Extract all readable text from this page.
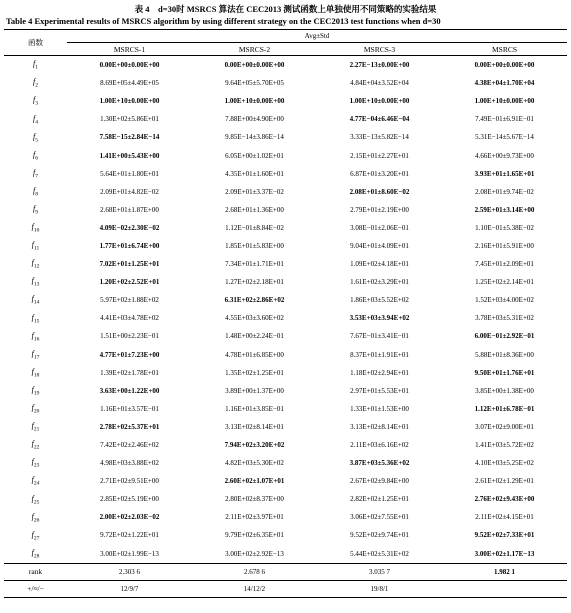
表 4　d=30时 MSRCS 算法在 CEC2013 测试函数上单独使用不同策略的实验结果
Table 4 Experimental results of MSRCS algorithm by using different strategy on the CEC2013 test functions when d=30
函数	Avg±Std			
	MSRCS-1	MSRCS-2	MSRCS-3	MSRCS
$f_1$	0.00E+00±0.00E+00	0.00E+00±0.00E+00	2.27E−13±0.00E+00	0.00E+00±0.00E+00
$f_2$	8.69E+05±4.49E+05	9.64E+05±5.70E+05	4.84E+04±3.52E+04	4.38E+04±1.70E+04
$f_3$	1.00E+10±0.00E+00	1.00E+10±0.00E+00	1.00E+10±0.00E+00	1.00E+10±0.00E+00
$f_4$	1.30E+02±5.86E+01	7.88E+00±4.90E+00	4.77E−04±6.46E−04	7.49E−01±6.91E−01
$f_5$	7.58E−15±2.84E−14	9.85E−14±3.86E−14	3.33E−13±5.82E−14	5.31E−14±5.67E−14
$f_6$	1.41E+00±5.43E+00	6.05E+00±1.02E+01	2.15E+01±2.27E+01	4.66E+00±9.73E+00
$f_7$	5.64E+01±1.80E+01	4.35E+01±1.60E+01	6.87E+01±3.20E+01	3.93E+01±1.65E+01
$f_8$	2.09E+01±4.82E−02	2.09E+01±3.37E−02	2.08E+01±8.60E−02	2.08E+01±9.74E−02
$f_9$	2.68E+01±1.87E+00	2.68E+01±1.36E+00	2.79E+01±2.19E+00	2.59E+01±3.14E+00
$f_{10}$	4.09E−02±2.30E−02	1.12E−01±8.84E−02	3.08E−01±2.06E−01	1.10E−01±5.38E−02
$f_{11}$	1.77E+01±6.74E+00	1.85E+01±5.83E+00	9.04E+01±4.09E+01	2.16E+01±5.91E+00
$f_{12}$	7.02E+01±1.25E+01	7.34E+01±1.71E+01	1.09E+02±4.18E+01	7.45E+01±2.09E+01
$f_{13}$	1.20E+02±2.52E+01	1.27E+02±2.18E+01	1.61E+02±3.29E+01	1.25E+02±2.14E+01
$f_{14}$	5.97E+02±1.88E+02	6.31E+02±2.86E+02	1.86E+03±5.52E+02	1.52E+03±4.00E+02
$f_{15}$	4.41E+03±4.78E+02	4.55E+03±3.60E+02	3.53E+03±3.94E+02	3.78E+03±5.31E+02
$f_{16}$	1.51E+00±2.23E−01	1.48E+00±2.24E−01	7.67E−01±3.41E−01	6.00E−01±2.92E−01
$f_{17}$	4.77E+01±7.23E+00	4.78E+01±6.85E+00	8.37E+01±1.91E+01	5.88E+01±8.36E+00
$f_{18}$	1.39E+02±1.78E+01	1.35E+02±1.25E+01	1.18E+02±2.94E+01	9.50E+01±1.76E+01
$f_{19}$	3.63E+00±1.22E+00	3.89E+00±1.37E+00	2.97E+01±5.53E+01	3.85E+00±1.38E+00
$f_{20}$	1.16E+01±3.57E−01	1.16E+01±3.85E−01	1.33E+01±1.53E+00	1.12E+01±6.78E−01
$f_{21}$	2.78E+02±5.37E+01	3.13E+02±8.14E+01	3.13E+02±8.14E+01	3.07E+02±9.00E+01
$f_{22}$	7.42E+02±2.46E+02	7.94E+02±3.20E+02	2.11E+03±6.16E+02	1.41E+03±5.72E+02
$f_{23}$	4.98E+03±3.88E+02	4.82E+03±5.30E+02	3.87E+03±5.36E+02	4.10E+03±5.25E+02
$f_{24}$	2.71E+02±9.51E+00	2.60E+02±1.07E+01	2.67E+02±9.84E+00	2.61E+02±1.29E+01
$f_{25}$	2.85E+02±5.19E+00	2.80E+02±8.37E+00	2.82E+02±1.25E+01	2.76E+02±9.43E+00
$f_{26}$	2.00E+02±2.03E−02	2.11E+02±3.97E+01	3.06E+02±7.55E+01	2.11E+02±4.15E+01
$f_{27}$	9.72E+02±1.22E+01	9.79E+02±6.35E+01	9.52E+02±9.74E+01	9.52E+02±7.33E+01
$f_{28}$	3.00E+02±1.99E−13	3.00E+02±2.92E−13	5.44E+02±5.31E+02	3.00E+02±1.17E−13
rank	2.303 6	2.678 6	3.035 7	1.982 1
+/≈/−	12/9/7	14/12/2	19/8/1	
